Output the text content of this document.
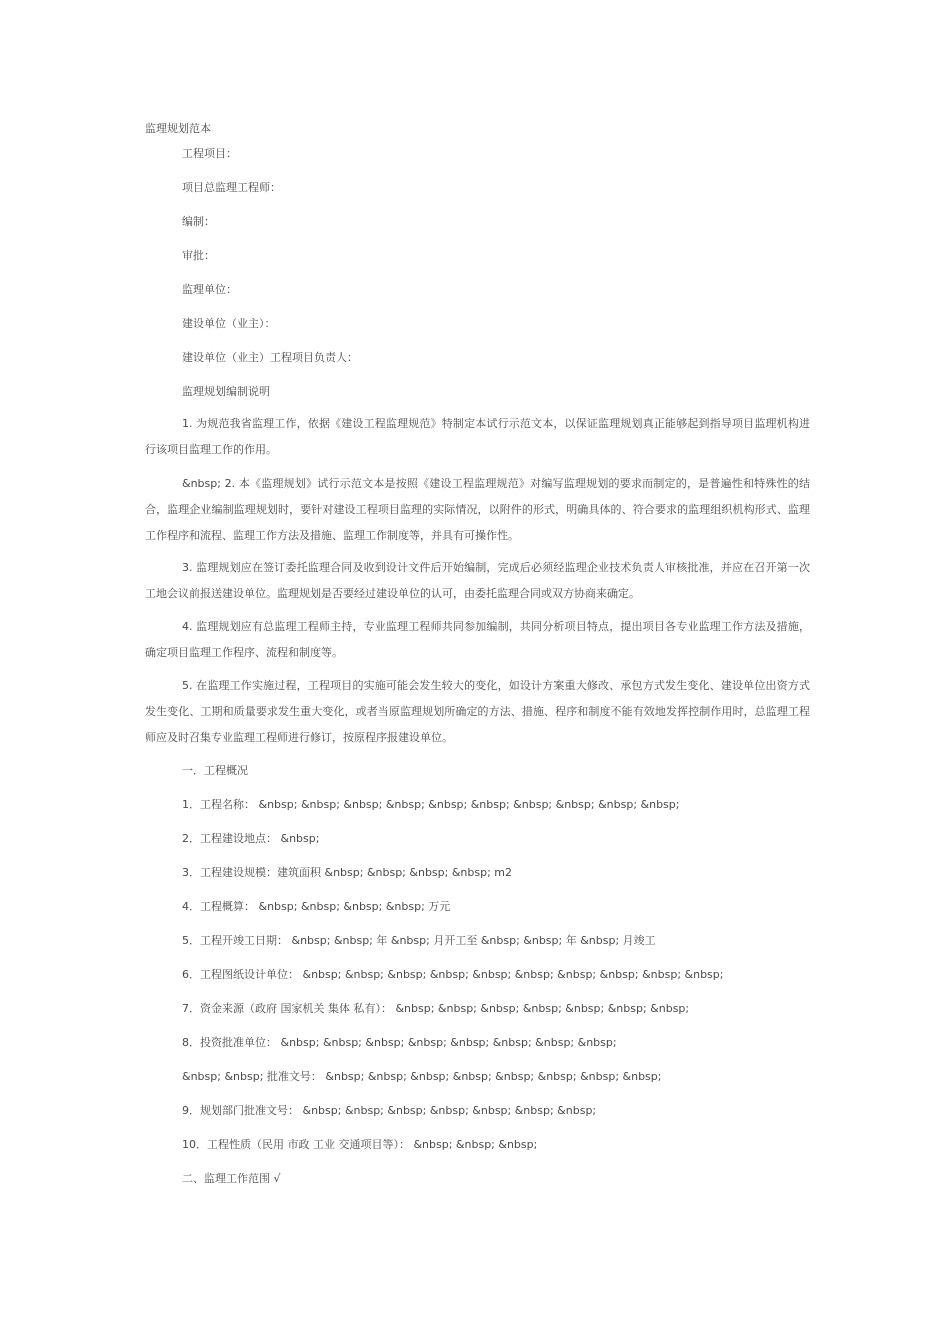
监理规划范本
工程项目：
项目总监理工程师：
编制：
审批：
监理单位：
建设单位（业主）：
建设单位（业主）工程项目负责人：
监理规划编制说明
1. 为规范我省监理工作，依据《建设工程监理规范》特制定本试行示范文本，以保证监理规划真正能够起到指导项目监理机构进行该项目监理工作的作用。
&nbsp; 2. 本《监理规划》试行示范文本是按照《建设工程监理规范》对编写监理规划的要求而制定的，是普遍性和特殊性的结合，监理企业编制监理规划时，要针对建设工程项目监理的实际情况，以附件的形式，明确具体的、符合要求的监理组织机构形式、监理工作程序和流程、监理工作方法及措施、监理工作制度等，并具有可操作性。
3. 监理规划应在签订委托监理合同及收到设计文件后开始编制，完成后必须经监理企业技术负责人审核批准，并应在召开第一次工地会议前报送建设单位。监理规划是否要经过建设单位的认可，由委托监理合同或双方协商来确定。
4. 监理规划应有总监理工程师主持，专业监理工程师共同参加编制，共同分析项目特点，提出项目各专业监理工作方法及措施，确定项目监理工作程序、流程和制度等。
5. 在监理工作实施过程，工程项目的实施可能会发生较大的变化，如设计方案重大修改、承包方式发生变化、建设单位出资方式发生变化、工期和质量要求发生重大变化，或者当原监理规划所确定的方法、措施、程序和制度不能有效地发挥控制作用时，总监理工程师应及时召集专业监理工程师进行修订，按原程序报建设单位。
一．工程概况
1．工程名称： &nbsp; &nbsp; &nbsp; &nbsp; &nbsp; &nbsp; &nbsp; &nbsp; &nbsp; &nbsp;
2．工程建设地点： &nbsp;
3．工程建设规模：建筑面积 &nbsp; &nbsp; &nbsp; &nbsp; m2
4．工程概算： &nbsp; &nbsp; &nbsp; &nbsp; 万元
5．工程开竣工日期： &nbsp; &nbsp; 年 &nbsp; 月开工至 &nbsp; &nbsp; 年 &nbsp; 月竣工
6．工程图纸设计单位： &nbsp; &nbsp; &nbsp; &nbsp; &nbsp; &nbsp; &nbsp; &nbsp; &nbsp; &nbsp;
7．资金来源（政府 国家机关 集体 私有）： &nbsp; &nbsp; &nbsp; &nbsp; &nbsp; &nbsp; &nbsp;
8．投资批准单位： &nbsp; &nbsp; &nbsp; &nbsp; &nbsp; &nbsp; &nbsp; &nbsp;
&nbsp; &nbsp; 批准文号： &nbsp; &nbsp; &nbsp; &nbsp; &nbsp; &nbsp; &nbsp; &nbsp;
9．规划部门批准文号： &nbsp; &nbsp; &nbsp; &nbsp; &nbsp; &nbsp; &nbsp;
10．工程性质（民用 市政 工业 交通项目等）： &nbsp; &nbsp; &nbsp;
二、监理工作范围 √
